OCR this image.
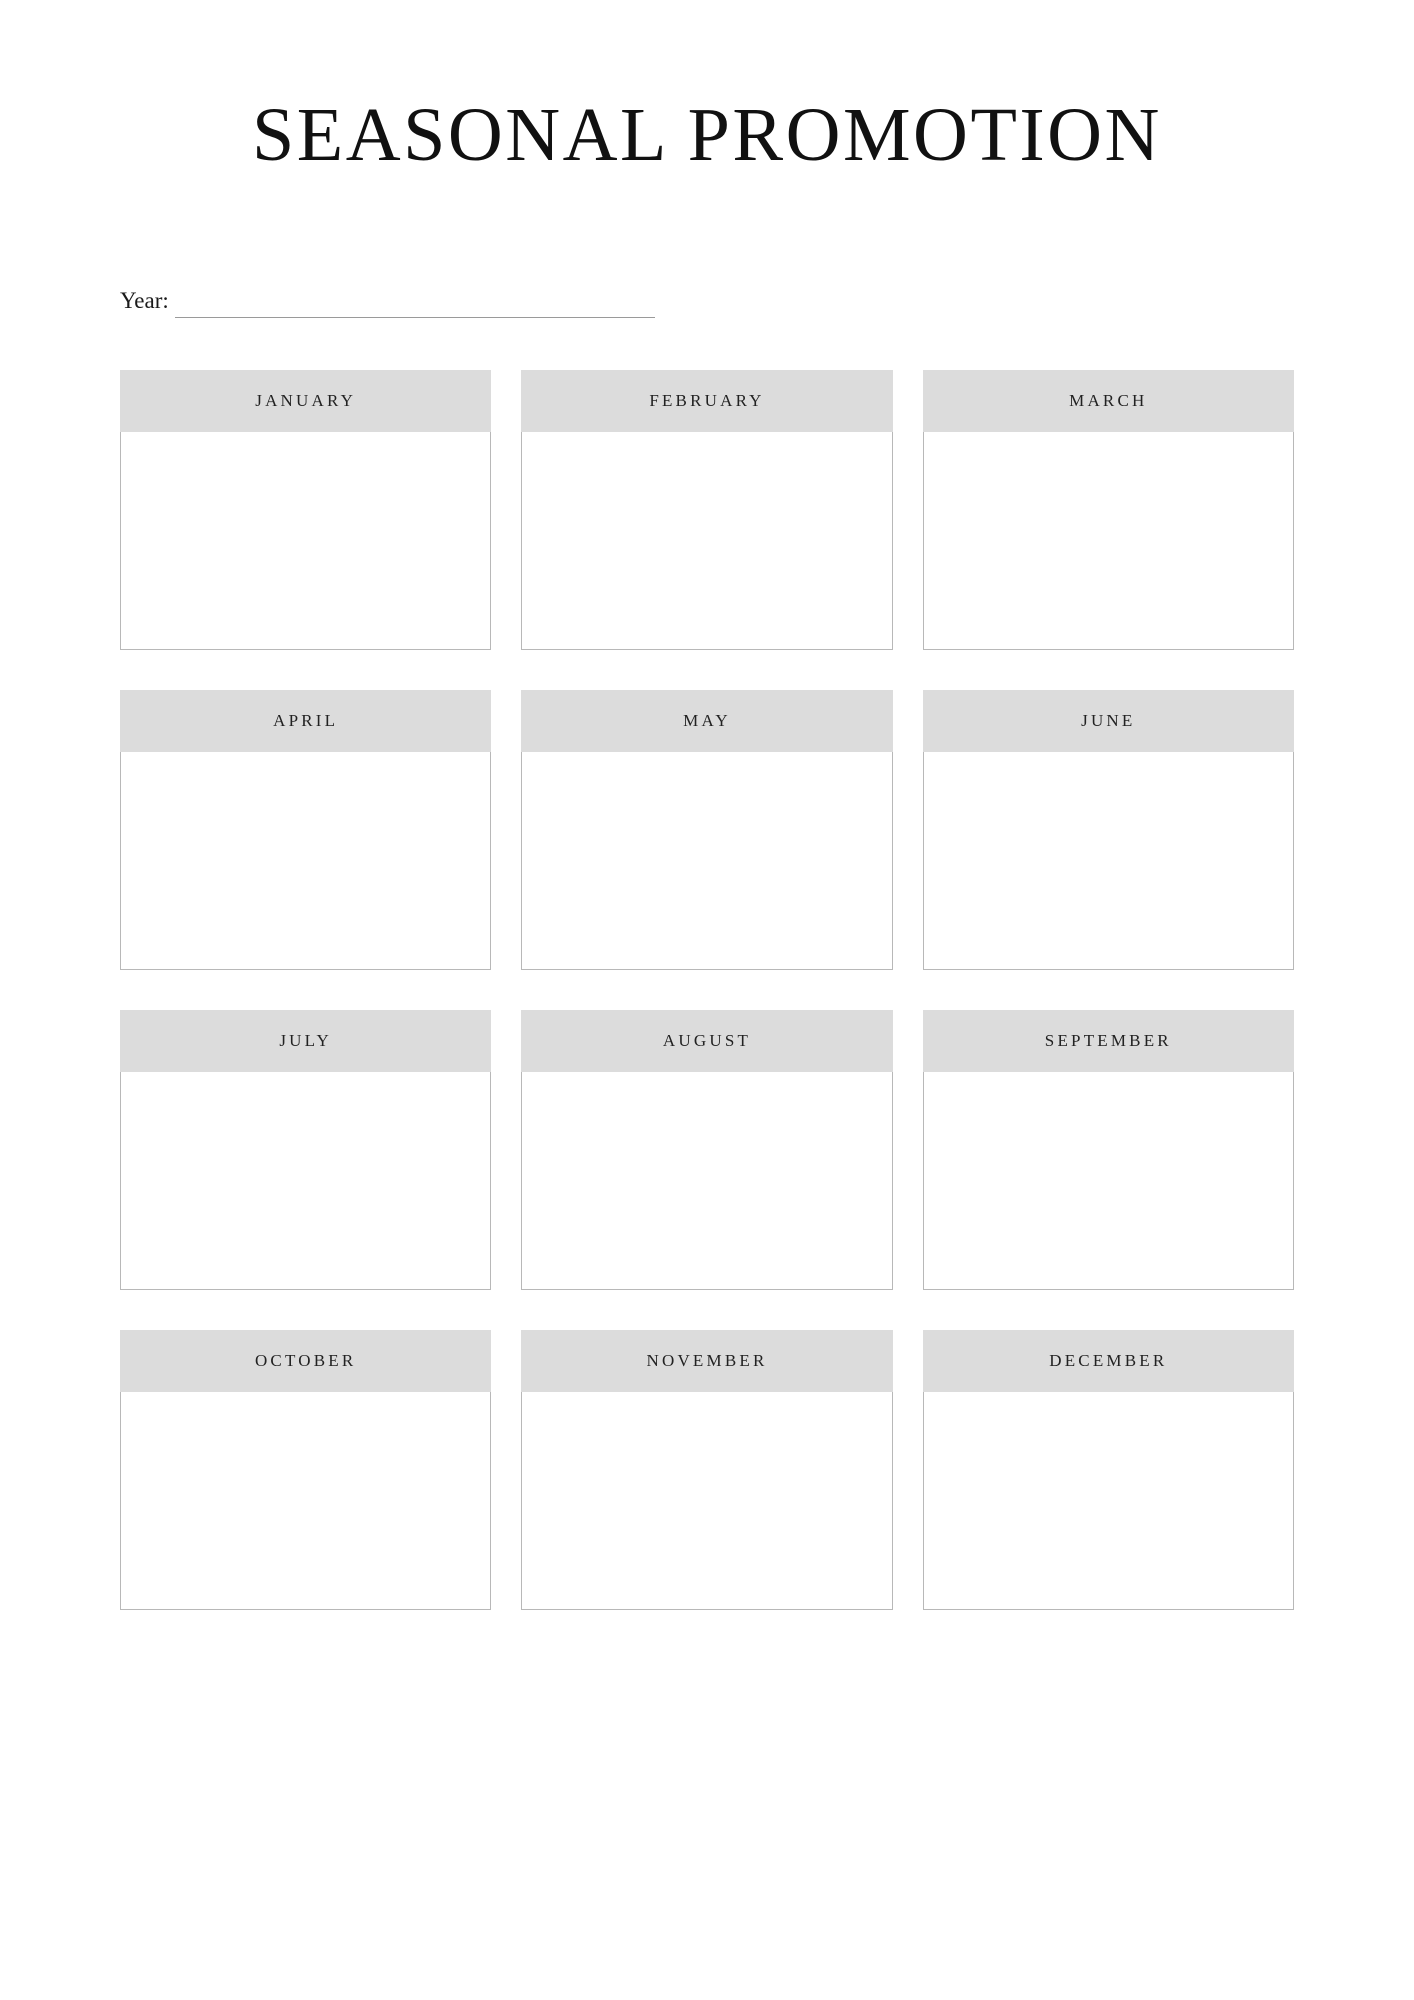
SEASONAL PROMOTION
Year:
JANUARY	FEBRUARY	MARCH
APRIL	MAY	JUNE
JULY	AUGUST	SEPTEMBER
OCTOBER	NOVEMBER	DECEMBER
